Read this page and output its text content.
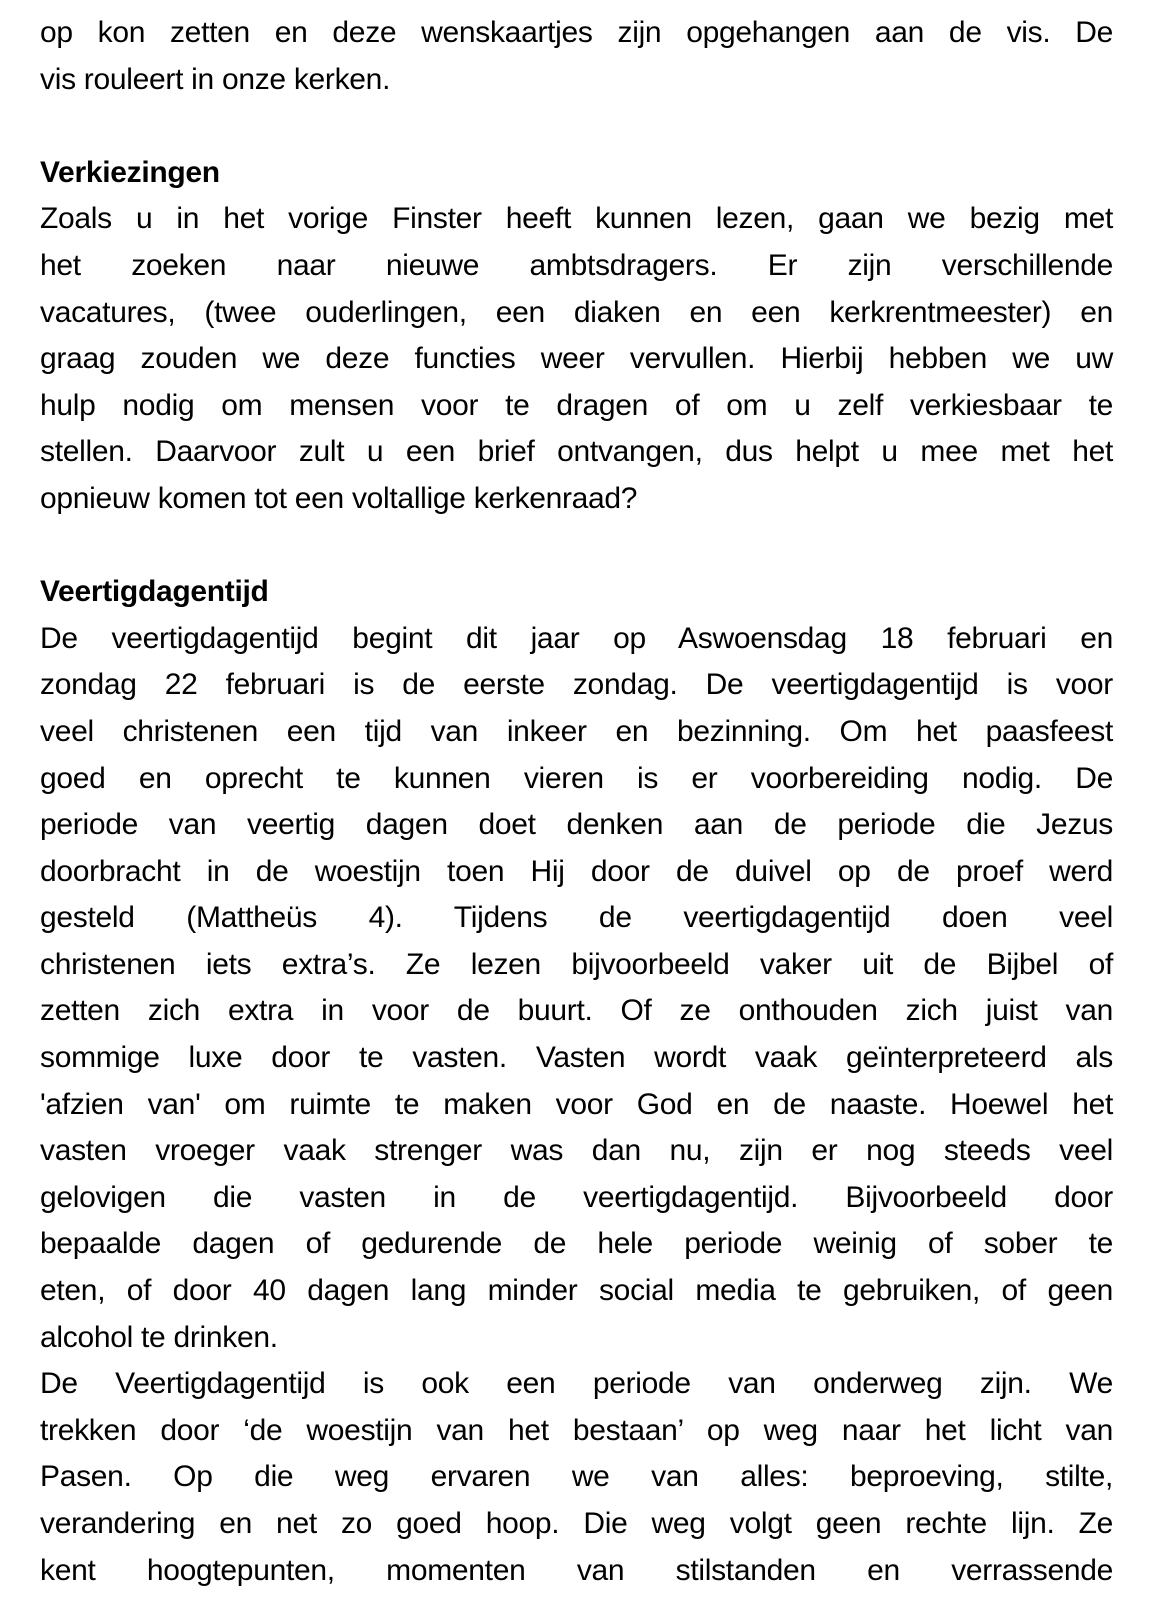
op kon zetten en deze wenskaartjes zijn opgehangen aan de vis. De
vis rouleert in onze kerken.
Verkiezingen
Zoals u in het vorige Finster heeft kunnen lezen, gaan we bezig met
het zoeken naar nieuwe ambtsdragers. Er zijn verschillende
vacatures, (twee ouderlingen, een diaken en een kerkrentmeester) en
graag zouden we deze functies weer vervullen. Hierbij hebben we uw
hulp nodig om mensen voor te dragen of om u zelf verkiesbaar te
stellen. Daarvoor zult u een brief ontvangen, dus helpt u mee met het
opnieuw komen tot een voltallige kerkenraad?
Veertigdagentijd
De veertigdagentijd begint dit jaar op Aswoensdag 18 februari en
zondag 22 februari is de eerste zondag. De veertigdagentijd is voor
veel christenen een tijd van inkeer en bezinning. Om het paasfeest
goed en oprecht te kunnen vieren is er voorbereiding nodig. De
periode van veertig dagen doet denken aan de periode die Jezus
doorbracht in de woestijn toen Hij door de duivel op de proef werd
gesteld (Mattheüs 4). Tijdens de veertigdagentijd doen veel
christenen iets extra’s. Ze lezen bijvoorbeeld vaker uit de Bijbel of
zetten zich extra in voor de buurt. Of ze onthouden zich juist van
sommige luxe door te vasten. Vasten wordt vaak geïnterpreteerd als
'afzien van' om ruimte te maken voor God en de naaste. Hoewel het
vasten vroeger vaak strenger was dan nu, zijn er nog steeds veel
gelovigen die vasten in de veertigdagentijd. Bijvoorbeeld door
bepaalde dagen of gedurende de hele periode weinig of sober te
eten, of door 40 dagen lang minder social media te gebruiken, of geen
alcohol te drinken.
De Veertigdagentijd is ook een periode van onderweg zijn. We
trekken door ‘de woestijn van het bestaan’ op weg naar het licht van
Pasen. Op die weg ervaren we van alles: beproeving, stilte,
verandering en net zo goed hoop. Die weg volgt geen rechte lijn. Ze
kent hoogtepunten, momenten van stilstanden en verrassende
